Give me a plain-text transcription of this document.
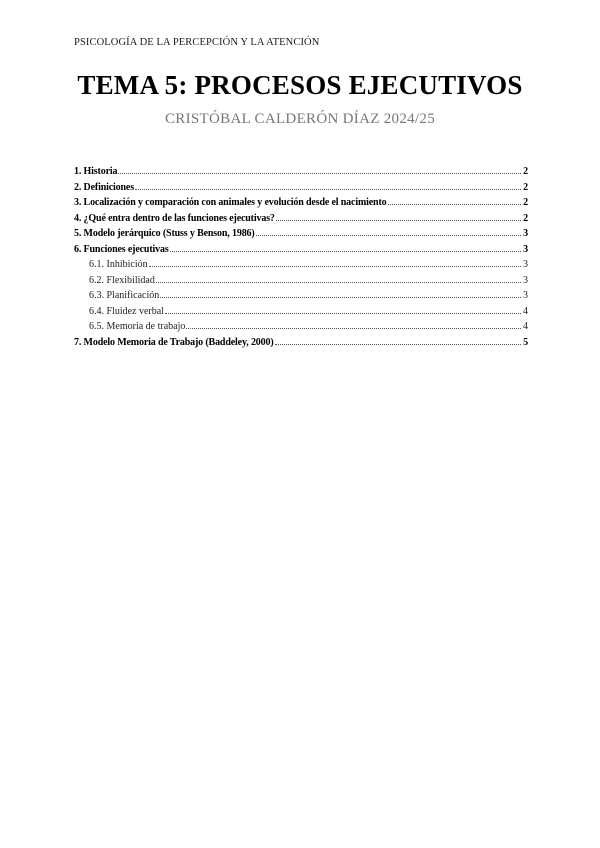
PSICOLOGÍA DE LA PERCEPCIÓN Y LA ATENCIÓN
TEMA 5: PROCESOS EJECUTIVOS
CRISTÓBAL CALDERÓN DÍAZ 2024/25
1. Historia	2
2. Definiciones	2
3. Localización y comparación con animales y evolución desde el nacimiento	2
4. ¿Qué entra dentro de las funciones ejecutivas?	2
5. Modelo jerárquico (Stuss y Benson, 1986)	3
6. Funciones ejecutivas	3
6.1. Inhibición	3
6.2. Flexibilidad	3
6.3. Planificación	3
6.4. Fluidez verbal	4
6.5. Memoria de trabajo	4
7. Modelo Memoria de Trabajo (Baddeley, 2000)	5
